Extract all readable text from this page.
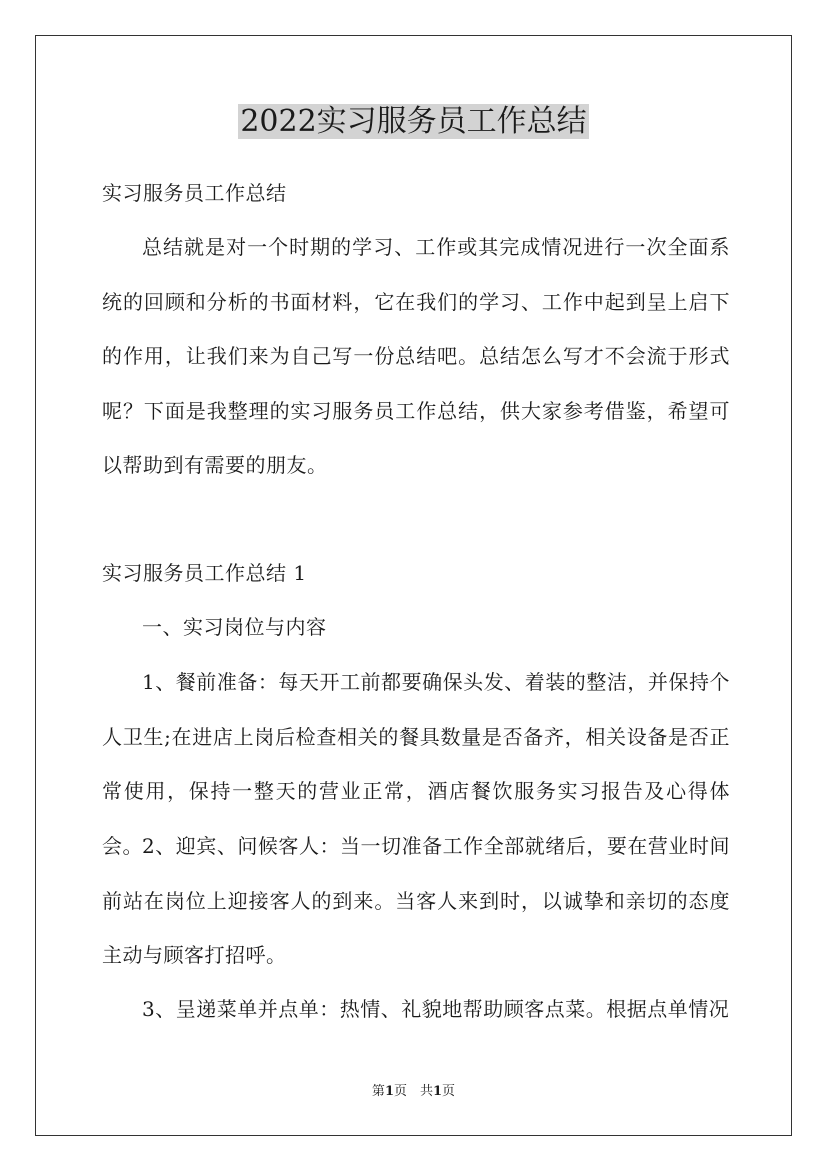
2022实习服务员工作总结

实习服务员工作总结

总结就是对一个时期的学习、工作或其完成情况进行一次全面系统的回顾和分析的书面材料，它在我们的学习、工作中起到呈上启下的作用，让我们来为自己写一份总结吧。总结怎么写才不会流于形式呢？下面是我整理的实习服务员工作总结，供大家参考借鉴，希望可以帮助到有需要的朋友。

实习服务员工作总结 1

一、实习岗位与内容

1、餐前准备：每天开工前都要确保头发、着装的整洁，并保持个人卫生;在进店上岗后检查相关的餐具数量是否备齐，相关设备是否正常使用，保持一整天的营业正常，酒店餐饮服务实习报告及心得体会。 2、迎宾、问候客人：当一切准备工作全部就绪后，要在营业时间前站在岗位上迎接客人的到来。当客人来到时，以诚挚和亲切的态度主动与顾客打招呼。

3、呈递菜单并点单：热情、礼貌地帮助顾客点菜。根据点单情况

第1页　共1页
